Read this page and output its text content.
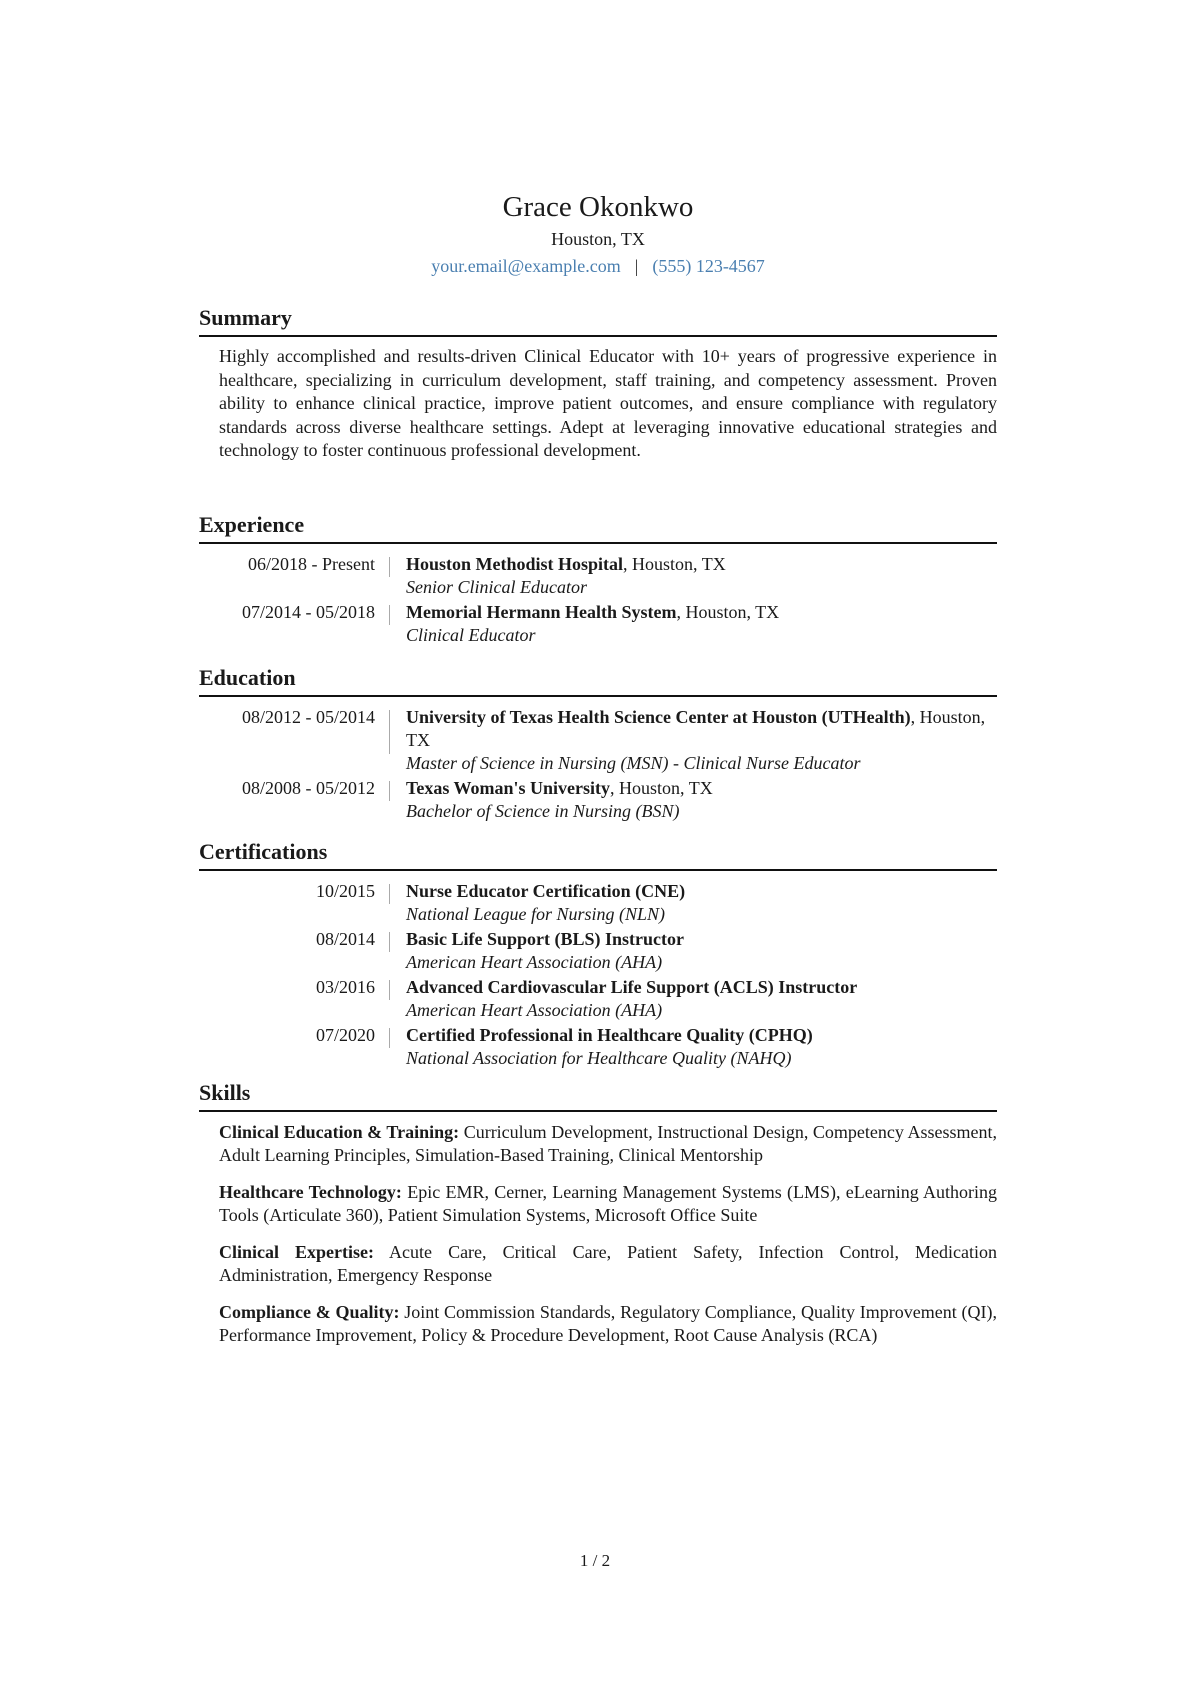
Grace Okonkwo
Houston, TX
your.email@example.com | (555) 123-4567
Summary

Highly accomplished and results-driven Clinical Educator with 10+ years of progressive experience in healthcare, specializing in curriculum development, staff training, and competency assessment. Proven ability to enhance clinical practice, improve patient outcomes, and ensure compliance with regulatory standards across diverse healthcare settings. Adept at leveraging innovative educational strategies and technology to foster continuous professional development.

Experience
06/2018 - Present	Houston Methodist Hospital, Houston, TX
Senior Clinical Educator
07/2014 - 05/2018	Memorial Hermann Health System, Houston, TX
Clinical Educator
Education
08/2012 - 05/2014	University of Texas Health Science Center at Houston (UTHealth), Houston, TX
Master of Science in Nursing (MSN) - Clinical Nurse Educator
08/2008 - 05/2012	Texas Woman's University, Houston, TX
Bachelor of Science in Nursing (BSN)
Certifications
10/2015	Nurse Educator Certification (CNE)
National League for Nursing (NLN)
08/2014	Basic Life Support (BLS) Instructor
American Heart Association (AHA)
03/2016	Advanced Cardiovascular Life Support (ACLS) Instructor
American Heart Association (AHA)
07/2020	Certified Professional in Healthcare Quality (CPHQ)
National Association for Healthcare Quality (NAHQ)
Skills

Clinical Education & Training: Curriculum Development, Instructional Design, Competency Assessment, Adult Learning Principles, Simulation-Based Training, Clinical Mentorship

Healthcare Technology: Epic EMR, Cerner, Learning Management Systems (LMS), eLearning Authoring Tools (Articulate 360), Patient Simulation Systems, Microsoft Office Suite

Clinical Expertise: Acute Care, Critical Care, Patient Safety, Infection Control, Medication Administration, Emergency Response

Compliance & Quality: Joint Commission Standards, Regulatory Compliance, Quality Improvement (QI), Performance Improvement, Policy & Procedure Development, Root Cause Analysis (RCA)

1 / 2
